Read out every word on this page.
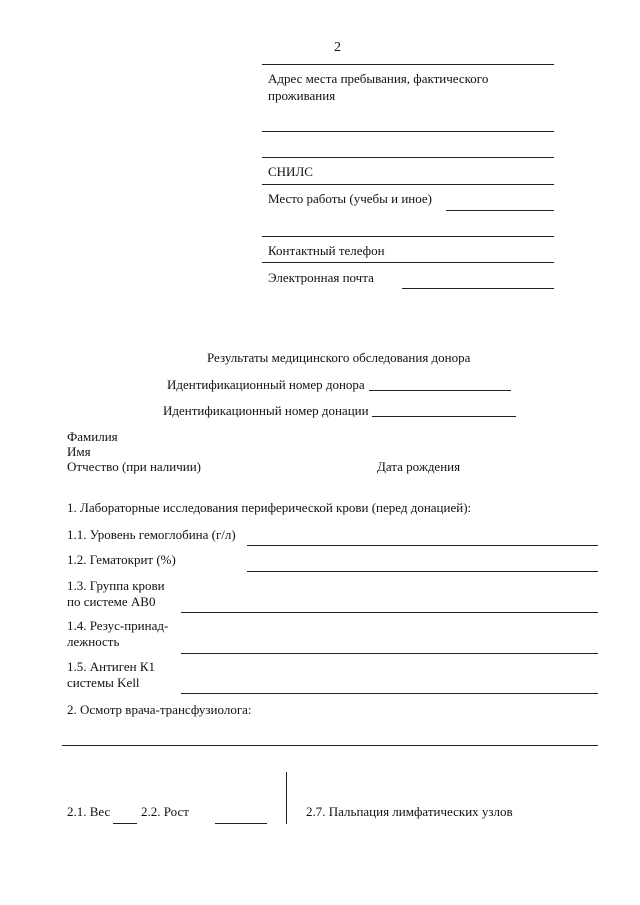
2
Адрес места пребывания, фактического
проживания
СНИЛС
Место работы (учебы и иное)
Контактный телефон
Электронная почта
Результаты медицинского обследования донора
Идентификационный номер донора
Идентификационный номер донации
Фамилия
Имя
Отчество (при наличии)	Дата рождения
1. Лабораторные исследования периферической крови (перед донацией):
1.1. Уровень гемоглобина (г/л)
1.2. Гематокрит (%)
1.3. Группа крови
по системе AB0
1.4. Резус-принад-
лежность
1.5. Антиген К1
системы Kell
2. Осмотр врача-трансфузиолога:
2.1. Вес 2.2. Рост	2.7. Пальпация лимфатических узлов
